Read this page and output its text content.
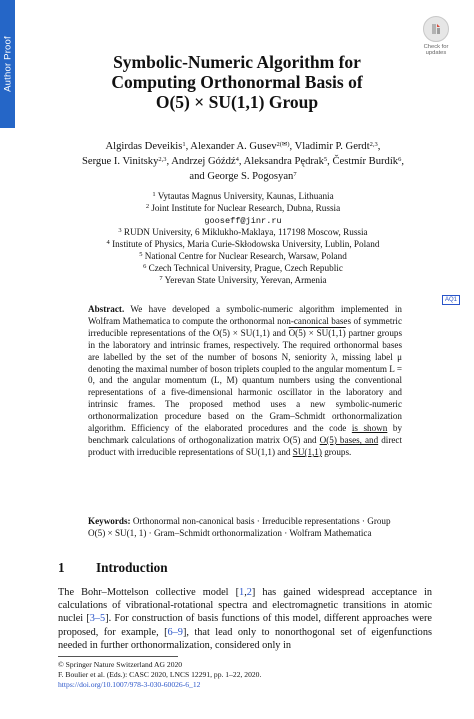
Author Proof	Check for
updates
Symbolic-Numeric Algorithm for
Computing Orthonormal Basis of
O(5) × SU(1,1) Group
Algirdas Deveikis$^1$, Alexander A. Gusev$^{2(✉)}$, Vladimir P. Gerdt$^{2,3}$,
Sergue I. Vinitsky$^{2,3}$, Andrzej Góźdź$^4$, Aleksandra Pędrak$^5$, Čestmír Burdík$^6$,
and George S. Pogosyan$^7$
$^1$ Vytautas Magnus University, Kaunas, Lithuania
$^2$ Joint Institute for Nuclear Research, Dubna, Russia
gooseff@jinr.ru
$^3$ RUDN University, 6 Miklukho-Maklaya, 117198 Moscow, Russia
$^4$ Institute of Physics, Maria Curie-Skłodowska University, Lublin, Poland
$^5$ National Centre for Nuclear Research, Warsaw, Poland
$^6$ Czech Technical University, Prague, Czech Republic
$^7$ Yerevan State University, Yerevan, Armenia
AQ1
Abstract. We have developed a symbolic-numeric algorithm implemented in Wolfram Mathematica to compute the orthonormal non-canonical bases of symmetric irreducible representations of the O(5) × SU(1,1) and O(5) × SU(1,1) partner groups in the laboratory and intrinsic frames, respectively. The required orthonormal bases are labelled by the set of the number of bosons N, seniority λ, missing label μ denoting the maximal number of boson triplets coupled to the angular momentum L = 0, and the angular momentum (L, M) quantum numbers using the conventional representations of a five-dimensional harmonic oscillator in the laboratory and intrinsic frames. The proposed method uses a new symbolic-numeric orthonormalization procedure based on the Gram–Schmidt orthonormalization algorithm. Efficiency of the elaborated procedures and the code is shown by benchmark calculations of orthogonalization matrix O(5) and O(5) bases, and direct product with irreducible representations of SU(1,1) and SU(1,1) groups.
Keywords: Orthonormal non-canonical basis · Irreducible representations · Group O(5) × SU(1, 1) · Gram–Schmidt orthonormalization · Wolfram Mathematica
1 Introduction
The Bohr–Mottelson collective model [1,2] has gained widespread acceptance in calculations of vibrational-rotational spectra and electromagnetic transitions in atomic nuclei [3–5]. For construction of basis functions of this model, different approaches were proposed, for example, [6–9], that lead only to nonorthogonal set of eigenfunctions needed in further orthonormalization, considered only in
© Springer Nature Switzerland AG 2020
F. Boulier et al. (Eds.): CASC 2020, LNCS 12291, pp. 1–22, 2020.
https://doi.org/10.1007/978-3-030-60026-6_12
